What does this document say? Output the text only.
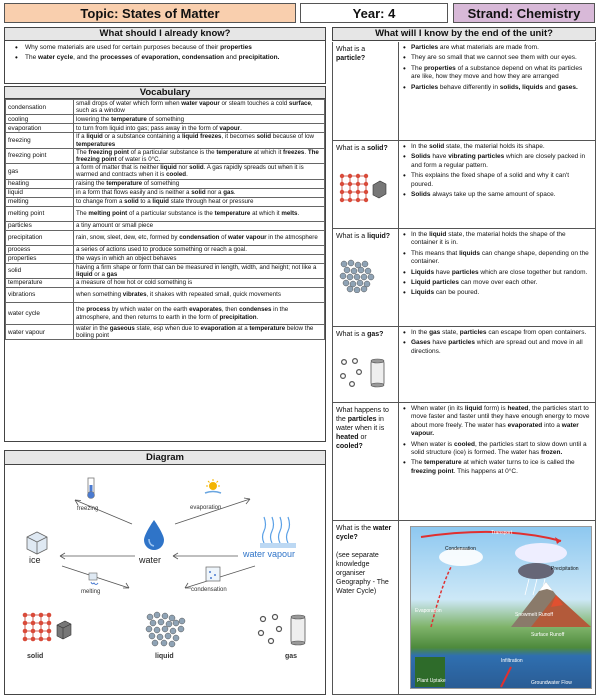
Topic: States of Matter	Year: 4	Strand: Chemistry
What should I already know?
• Why some materials are used for certain purposes because of their properties
• The water cycle, and the processes of evaporation, condensation and precipitation.
Vocabulary
condensation	small drops of water which form when water vapour or steam touches a cold surface, such as a window
cooling	lowering the temperature of something
evaporation	to turn from liquid into gas; pass away in the form of vapour.
freezing	If a liquid or a substance containing a liquid freezes, it becomes solid because of low temperatures
freezing point	The freezing point of a particular substance is the temperature at which it freezes. The freezing point of water is 0°C.
gas	a form of matter that is neither liquid nor solid. A gas rapidly spreads out when it is warmed and contracts when it is cooled.
heating	raising the temperature of something
liquid	in a form that flows easily and is neither a solid nor a gas.
melting	to change from a solid to a liquid state through heat or pressure
melting point	The melting point of a particular substance is the temperature at which it melts.
particles	a tiny amount or small piece
precipitation	rain, snow, sleet, dew, etc, formed by condensation of water vapour in the atmosphere
process	a series of actions used to produce something or reach a goal.
properties	the ways in which an object behaves
solid	having a firm shape or form that can be measured in length, width, and height; not like a liquid or a gas
temperature	a measure of how hot or cold something is
vibrations	when something vibrates, it shakes with repeated small, quick movements
water cycle	the process by which water on the earth evaporates, then condenses in the atmosphere, and then returns to earth in the form of precipitation.
water vapour	water in the gaseous state, esp when due to evaporation at a temperature below the boiling point
Diagram
freezing	evaporation
ice	water
water vapour
melting	condensation
solid	liquid	gas
What will I know by the end of the unit?
What is a particle?
• Particles are what materials are made from.
• They are so small that we cannot see them with our eyes.
• The properties of a substance depend on what its particles are like, how they move and how they are arranged
• Particles behave differently in solids, liquids and gases.
What is a solid?	• In the solid state, the material holds its shape.
• Solids have vibrating particles which are closely packed in and form a regular pattern.
• This explains the fixed shape of a solid and why it can't poured.
• Solids always take up the same amount of space.
What is a liquid?	• In the liquid state, the material holds the shape of the container it is in.
• This means that liquids can change shape, depending on the container.
• Liquids have particles which are close together but random.
• Liquid particles can move over each other.
• Liquids can be poured.
What is a gas?	• In the gas state, particles can escape from open containers.
• Gases have particles which are spread out and move in all directions.
What happens to the particles in water when it is heated or cooled?
• When water (in its liquid form) is heated, the particles start to move faster and faster until they have enough energy to move about more freely. The water has evaporated into a water vapour.
• When water is cooled, the particles start to slow down until a solid structure (ice) is formed. The water has frozen.
• The temperature at which water turns to ice is called the freezing point. This happens at 0°C.
What is the water cycle?

(see separate knowledge organiser Geography - The Water Cycle)
Transport
Condensation
Precipitation
Evaporation
Snowmelt Runoff
Surface Runoff
Infiltration
Plant Uptake	Groundwater Flow
